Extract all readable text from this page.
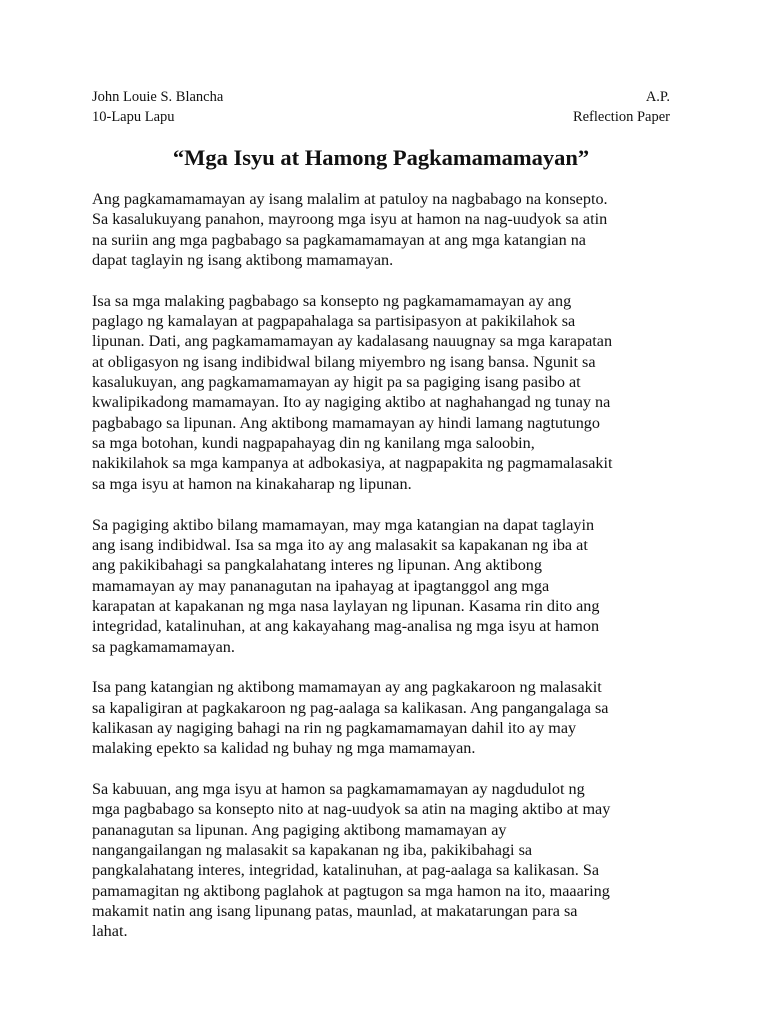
John Louie S. Blancha	A.P.
10-Lapu Lapu	Reflection Paper
“Mga Isyu at Hamong Pagkamamamayan”

Ang pagkamamamayan ay isang malalim at patuloy na nagbabago na konsepto.
Sa kasalukuyang panahon, mayroong mga isyu at hamon na nag-uudyok sa atin
na suriin ang mga pagbabago sa pagkamamamayan at ang mga katangian na
dapat taglayin ng isang aktibong mamamayan.

Isa sa mga malaking pagbabago sa konsepto ng pagkamamamayan ay ang
paglago ng kamalayan at pagpapahalaga sa partisipasyon at pakikilahok sa
lipunan. Dati, ang pagkamamamayan ay kadalasang nauugnay sa mga karapatan
at obligasyon ng isang indibidwal bilang miyembro ng isang bansa. Ngunit sa
kasalukuyan, ang pagkamamamayan ay higit pa sa pagiging isang pasibo at
kwalipikadong mamamayan. Ito ay nagiging aktibo at naghahangad ng tunay na
pagbabago sa lipunan. Ang aktibong mamamayan ay hindi lamang nagtutungo
sa mga botohan, kundi nagpapahayag din ng kanilang mga saloobin,
nakikilahok sa mga kampanya at adbokasiya, at nagpapakita ng pagmamalasakit
sa mga isyu at hamon na kinakaharap ng lipunan.

Sa pagiging aktibo bilang mamamayan, may mga katangian na dapat taglayin
ang isang indibidwal. Isa sa mga ito ay ang malasakit sa kapakanan ng iba at
ang pakikibahagi sa pangkalahatang interes ng lipunan. Ang aktibong
mamamayan ay may pananagutan na ipahayag at ipagtanggol ang mga
karapatan at kapakanan ng mga nasa laylayan ng lipunan. Kasama rin dito ang
integridad, katalinuhan, at ang kakayahang mag-analisa ng mga isyu at hamon
sa pagkamamamayan.

Isa pang katangian ng aktibong mamamayan ay ang pagkakaroon ng malasakit
sa kapaligiran at pagkakaroon ng pag-aalaga sa kalikasan. Ang pangangalaga sa
kalikasan ay nagiging bahagi na rin ng pagkamamamayan dahil ito ay may
malaking epekto sa kalidad ng buhay ng mga mamamayan.

Sa kabuuan, ang mga isyu at hamon sa pagkamamamayan ay nagdudulot ng
mga pagbabago sa konsepto nito at nag-uudyok sa atin na maging aktibo at may
pananagutan sa lipunan. Ang pagiging aktibong mamamayan ay
nangangailangan ng malasakit sa kapakanan ng iba, pakikibahagi sa
pangkalahatang interes, integridad, katalinuhan, at pag-aalaga sa kalikasan. Sa
pamamagitan ng aktibong paglahok at pagtugon sa mga hamon na ito, maaaring
makamit natin ang isang lipunang patas, maunlad, at makatarungan para sa
lahat.
